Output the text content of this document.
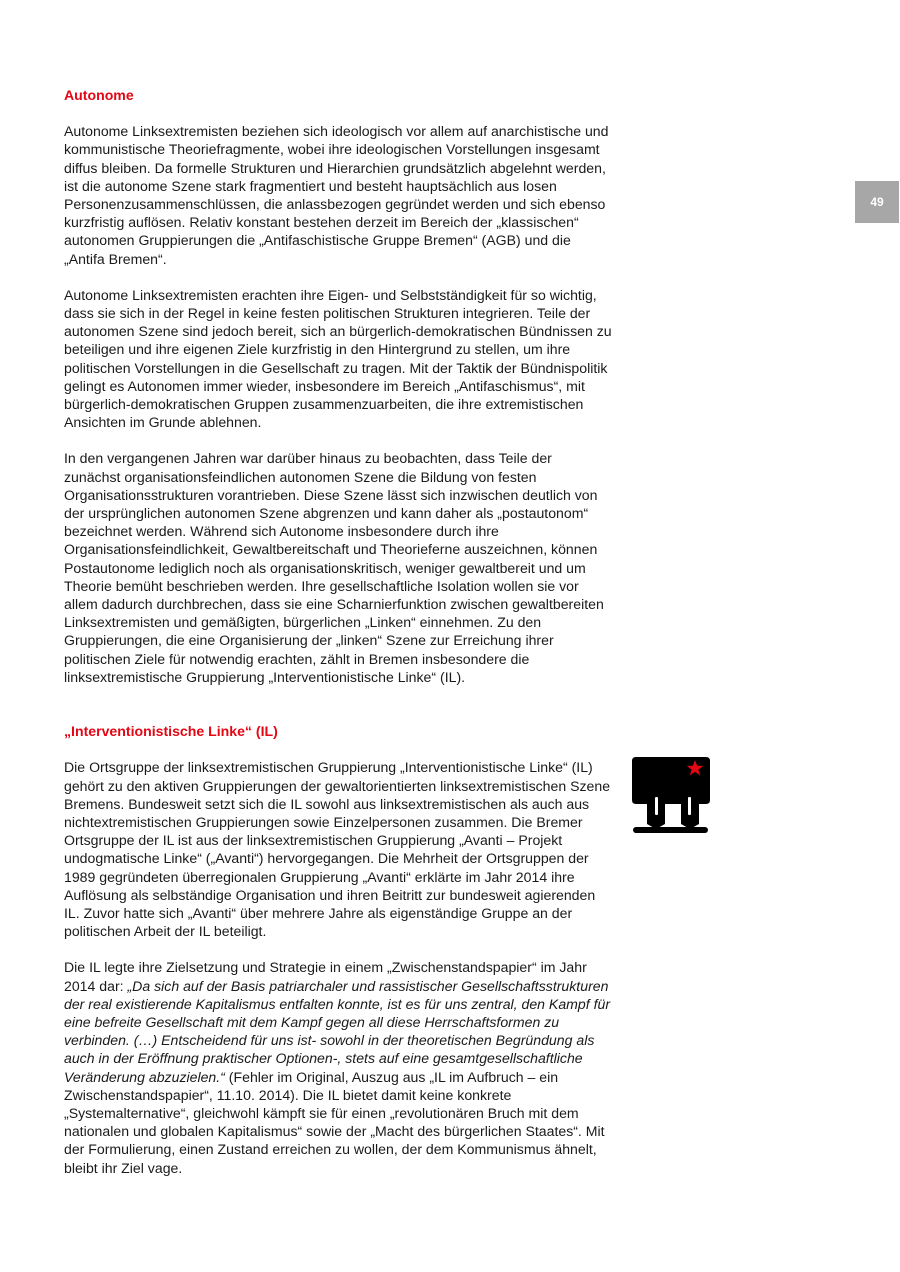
49
Autonome

Autonome Linksextremisten beziehen sich ideologisch vor allem auf anarchistische und kommunistische Theoriefragmente, wobei ihre ideologischen Vorstellungen insgesamt diffus bleiben. Da formelle Strukturen und Hierarchien grundsätzlich abgelehnt werden, ist die autonome Szene stark fragmentiert und besteht hauptsächlich aus losen Personenzusammenschlüssen, die anlassbezogen gegründet werden und sich ebenso kurzfristig auflösen. Relativ konstant bestehen derzeit im Bereich der „klassischen“ autonomen Gruppierungen die „Antifaschistische Gruppe Bremen“ (AGB) und die „Antifa Bremen“.

Autonome Linksextremisten erachten ihre Eigen- und Selbstständigkeit für so wichtig, dass sie sich in der Regel in keine festen politischen Strukturen integrieren. Teile der autonomen Szene sind jedoch bereit, sich an bürgerlich-demokratischen Bündnissen zu beteiligen und ihre eigenen Ziele kurzfristig in den Hintergrund zu stellen, um ihre politischen Vorstellungen in die Gesellschaft zu tragen. Mit der Taktik der Bündnispolitik gelingt es Autonomen immer wieder, insbesondere im Bereich „Antifaschismus“, mit bürgerlich-demokratischen Gruppen zusammenzuarbeiten, die ihre extremistischen Ansichten im Grunde ablehnen.

In den vergangenen Jahren war darüber hinaus zu beobachten, dass Teile der zunächst organisationsfeindlichen autonomen Szene die Bildung von festen Organisationsstrukturen vorantrieben. Diese Szene lässt sich inzwischen deutlich von der ursprünglichen autonomen Szene abgrenzen und kann daher als „postautonom“ bezeichnet werden. Während sich Autonome insbesondere durch ihre Organisationsfeindlichkeit, Gewaltbereitschaft und Theorieferne auszeichnen, können Postautonome lediglich noch als organisationskritisch, weniger gewaltbereit und um Theorie bemüht beschrieben werden. Ihre gesellschaftliche Isolation wollen sie vor allem dadurch durchbrechen, dass sie eine Scharnierfunktion zwischen gewaltbereiten Linksextremisten und gemäßigten, bürgerlichen „Linken“ einnehmen. Zu den Gruppierungen, die eine Organisierung der „linken“ Szene zur Erreichung ihrer politischen Ziele für notwendig erachten, zählt in Bremen insbesondere die linksextremistische Gruppierung „Interventionistische Linke“ (IL).

„Interventionistische Linke“ (IL)

Die Ortsgruppe der linksextremistischen Gruppierung „Interventionistische Linke“ (IL) gehört zu den aktiven Gruppierungen der gewaltorientierten linksextremistischen Szene Bremens. Bundesweit setzt sich die IL sowohl aus linksextremistischen als auch aus nichtextremistischen Gruppierungen sowie Einzelpersonen zusammen. Die Bremer Ortsgruppe der IL ist aus der linksextremistischen Gruppierung „Avanti – Projekt undogmatische Linke“ („Avanti“) hervorgegangen. Die Mehrheit der Ortsgruppen der 1989 gegründeten überregionalen Gruppierung „Avanti“ erklärte im Jahr 2014 ihre Auflösung als selbständige Organisation und ihren Beitritt zur bundesweit agierenden IL. Zuvor hatte sich „Avanti“ über mehrere Jahre als eigenständige Gruppe an der politischen Arbeit der IL beteiligt.

Die IL legte ihre Zielsetzung und Strategie in einem „Zwischenstandspapier“ im Jahr 2014 dar: „Da sich auf der Basis patriarchaler und rassistischer Gesellschaftsstrukturen der real existierende Kapitalismus entfalten konnte, ist es für uns zentral, den Kampf für eine befreite Gesellschaft mit dem Kampf gegen all diese Herrschaftsformen zu verbinden. (…) Entscheidend für uns ist- sowohl in der theoretischen Begründung als auch in der Eröffnung praktischer Optionen-, stets auf eine gesamtgesellschaftliche Veränderung abzuzielen.“ (Fehler im Original, Auszug aus „IL im Aufbruch – ein Zwischenstandspapier“, 11.10. 2014). Die IL bietet damit keine konkrete „Systemalternative“, gleichwohl kämpft sie für einen „revolutionären Bruch mit dem nationalen und globalen Kapitalismus“ sowie der „Macht des bürgerlichen Staates“. Mit der Formulierung, einen Zustand erreichen zu wollen, der dem Kommunismus ähnelt, bleibt ihr Ziel vage.
